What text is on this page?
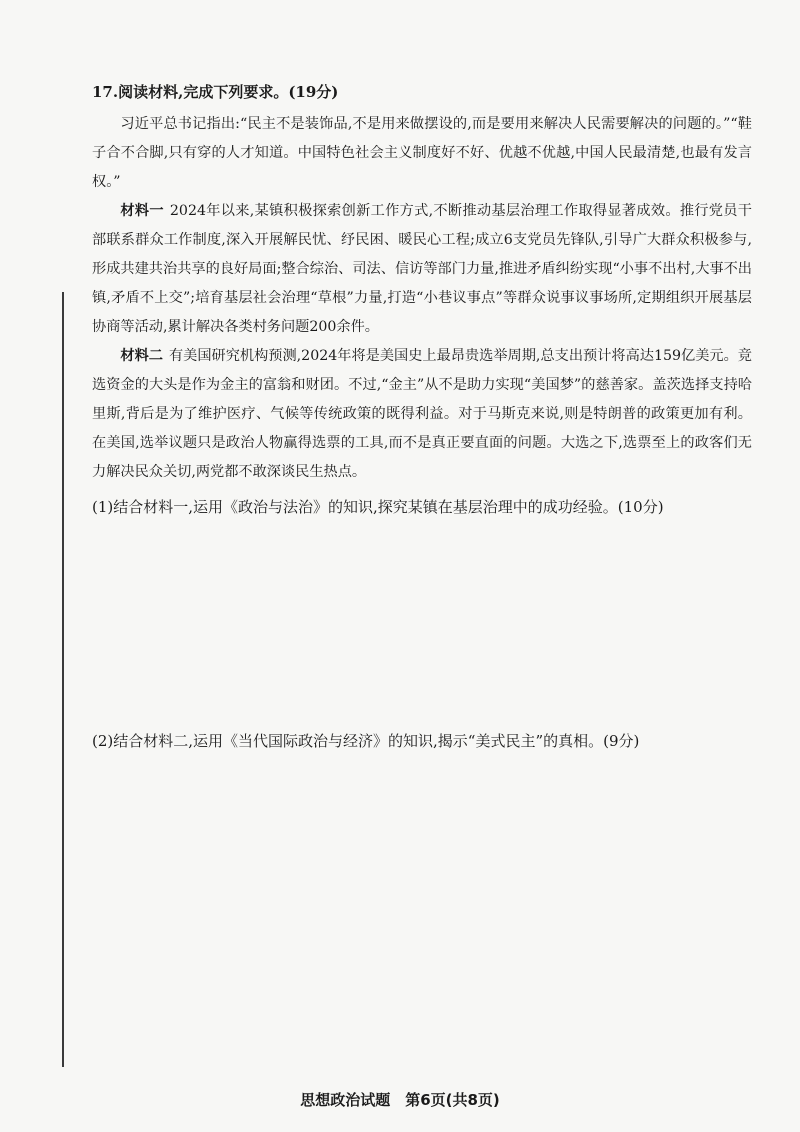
17.阅读材料,完成下列要求。(19分)

习近平总书记指出:“民主不是装饰品,不是用来做摆设的,而是要用来解决人民需要解决的问题的。”“鞋子合不合脚,只有穿的人才知道。中国特色社会主义制度好不好、优越不优越,中国人民最清楚,也最有发言权。”

材料一 2024年以来,某镇积极探索创新工作方式,不断推动基层治理工作取得显著成效。推行党员干部联系群众工作制度,深入开展解民忧、纾民困、暖民心工程;成立6支党员先锋队,引导广大群众积极参与,形成共建共治共享的良好局面;整合综治、司法、信访等部门力量,推进矛盾纠纷实现“小事不出村,大事不出镇,矛盾不上交”;培育基层社会治理“草根”力量,打造“小巷议事点”等群众说事议事场所,定期组织开展基层协商等活动,累计解决各类村务问题200余件。

材料二 有美国研究机构预测,2024年将是美国史上最昂贵选举周期,总支出预计将高达159亿美元。竞选资金的大头是作为金主的富翁和财团。不过,“金主”从不是助力实现“美国梦”的慈善家。盖茨选择支持哈里斯,背后是为了维护医疗、气候等传统政策的既得利益。对于马斯克来说,则是特朗普的政策更加有利。在美国,选举议题只是政治人物赢得选票的工具,而不是真正要直面的问题。大选之下,选票至上的政客们无力解决民众关切,两党都不敢深谈民生热点。

(1)结合材料一,运用《政治与法治》的知识,探究某镇在基层治理中的成功经验。(10分)

(2)结合材料二,运用《当代国际政治与经济》的知识,揭示“美式民主”的真相。(9分)

思想政治试题　第6页(共8页)
